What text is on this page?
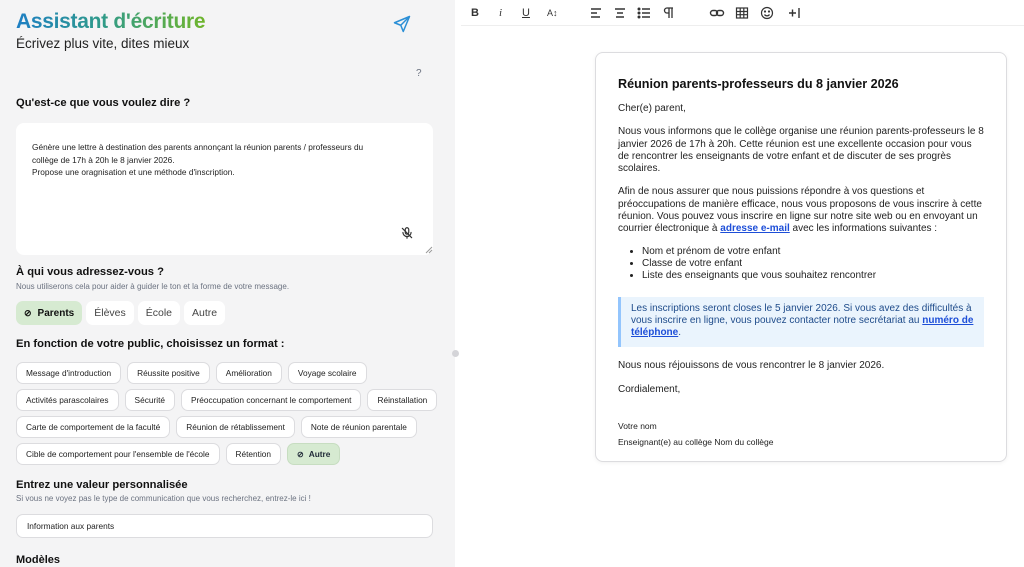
Assistant d'écriture
Écrivez plus vite, dites mieux
?
Qu'est-ce que vous voulez dire ?
Génère une lettre à destination des parents annonçant la réunion parents / professeurs du
collège de 17h à 20h le 8 janvier 2026.
Propose une oragnisation et une méthode d'inscription.
À qui vous adressez-vous ?
Nous utiliserons cela pour aider à guider le ton et la forme de votre message.
⊘ Parents	Élèves	École	Autre
En fonction de votre public, choisissez un format :
Message d'introduction	Réussite positive	Amélioration	Voyage scolaire
Activités parascolaires	Sécurité	Préoccupation concernant le comportement	Réinstallation
Carte de comportement de la faculté	Réunion de rétablissement	Note de réunion parentale
Cible de comportement pour l'ensemble de l'école	Rétention	⊘ Autre
Entrez une valeur personnalisée
Si vous ne voyez pas le type de communication que vous recherchez, entrez-le ici !
Information aux parents
Modèles
B i U A↕
Réunion parents-professeurs du 8 janvier 2026

Cher(e) parent,

Nous vous informons que le collège organise une réunion parents-professeurs le 8 janvier 2026 de 17h à 20h. Cette réunion est une excellente occasion pour vous de rencontrer les enseignants de votre enfant et de discuter de ses progrès scolaires.

Afin de nous assurer que nous puissions répondre à vos questions et préoccupations de manière efficace, nous vous proposons de vous inscrire à cette réunion. Vous pouvez vous inscrire en ligne sur notre site web ou en envoyant un courrier électronique à adresse e-mail avec les informations suivantes :

• Nom et prénom de votre enfant
• Classe de votre enfant
• Liste des enseignants que vous souhaitez rencontrer
Les inscriptions seront closes le 5 janvier 2026. Si vous avez des difficultés à vous inscrire en ligne, vous pouvez contacter notre secrétariat au numéro de téléphone.

Nous nous réjouissons de vous rencontrer le 8 janvier 2026.

Cordialement,

Votre nom
Enseignant(e) au collège Nom du collège
